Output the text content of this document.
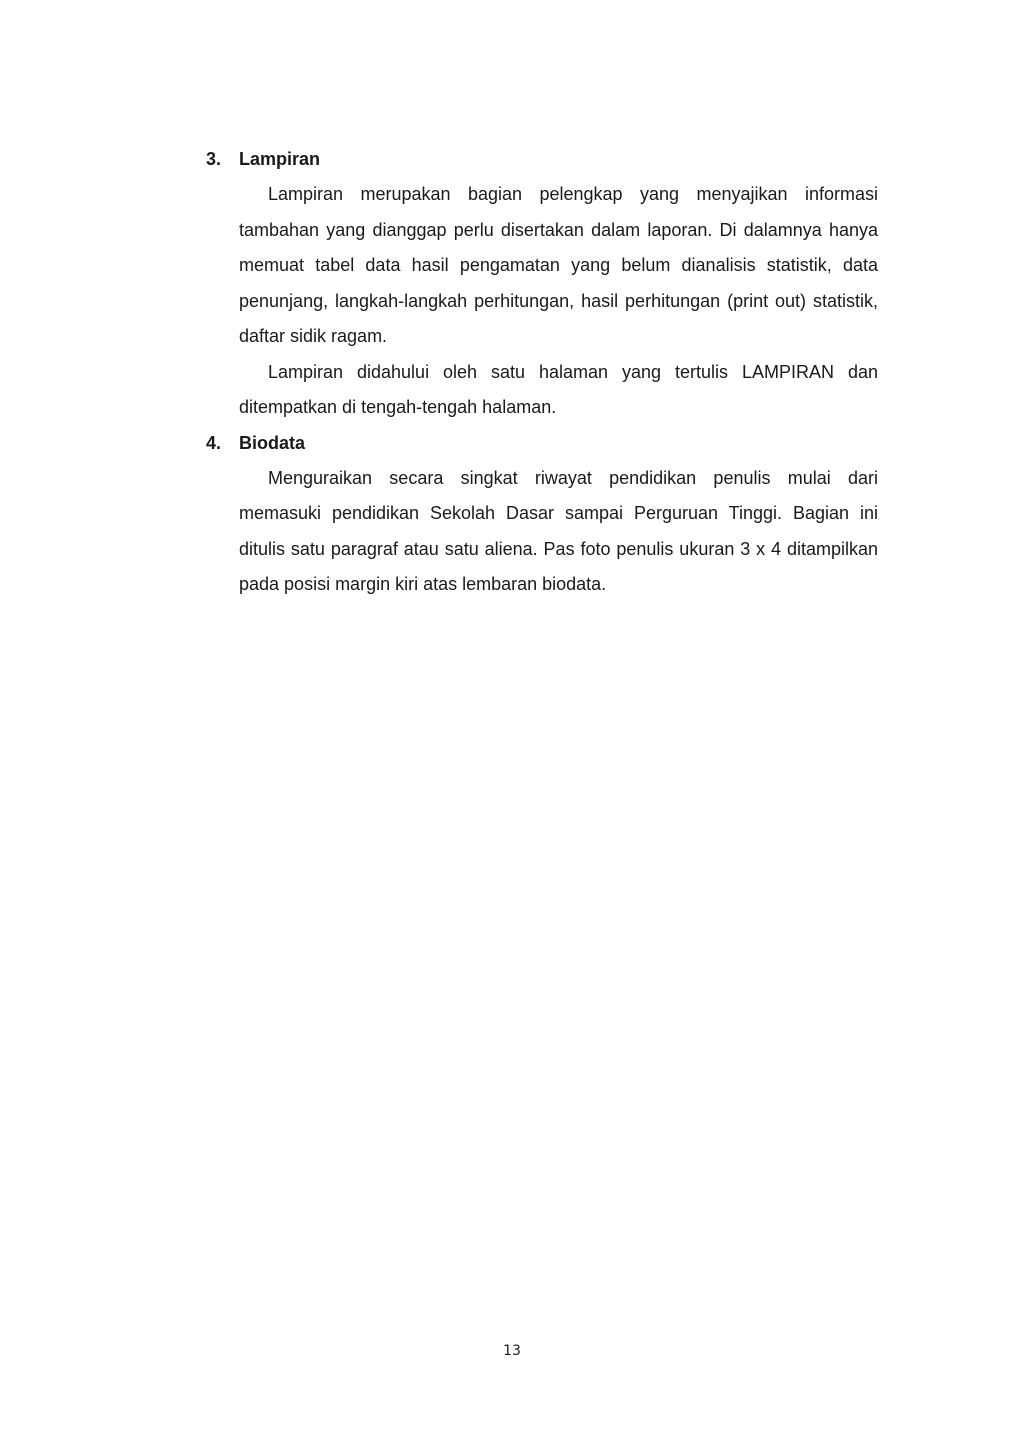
3. Lampiran

Lampiran merupakan bagian pelengkap yang menyajikan informasi tambahan yang dianggap perlu disertakan dalam laporan. Di dalamnya hanya memuat tabel data hasil pengamatan yang belum dianalisis statistik, data penunjang, langkah-langkah perhitungan, hasil perhitungan (print out) statistik, daftar sidik ragam.

Lampiran didahului oleh satu halaman yang tertulis LAMPIRAN dan ditempatkan di tengah-tengah halaman.

4. Biodata

Menguraikan secara singkat riwayat pendidikan penulis mulai dari memasuki pendidikan Sekolah Dasar sampai Perguruan Tinggi. Bagian ini ditulis satu paragraf atau satu aliena. Pas foto penulis ukuran 3 x 4 ditampilkan pada posisi margin kiri atas lembaran biodata.

13
